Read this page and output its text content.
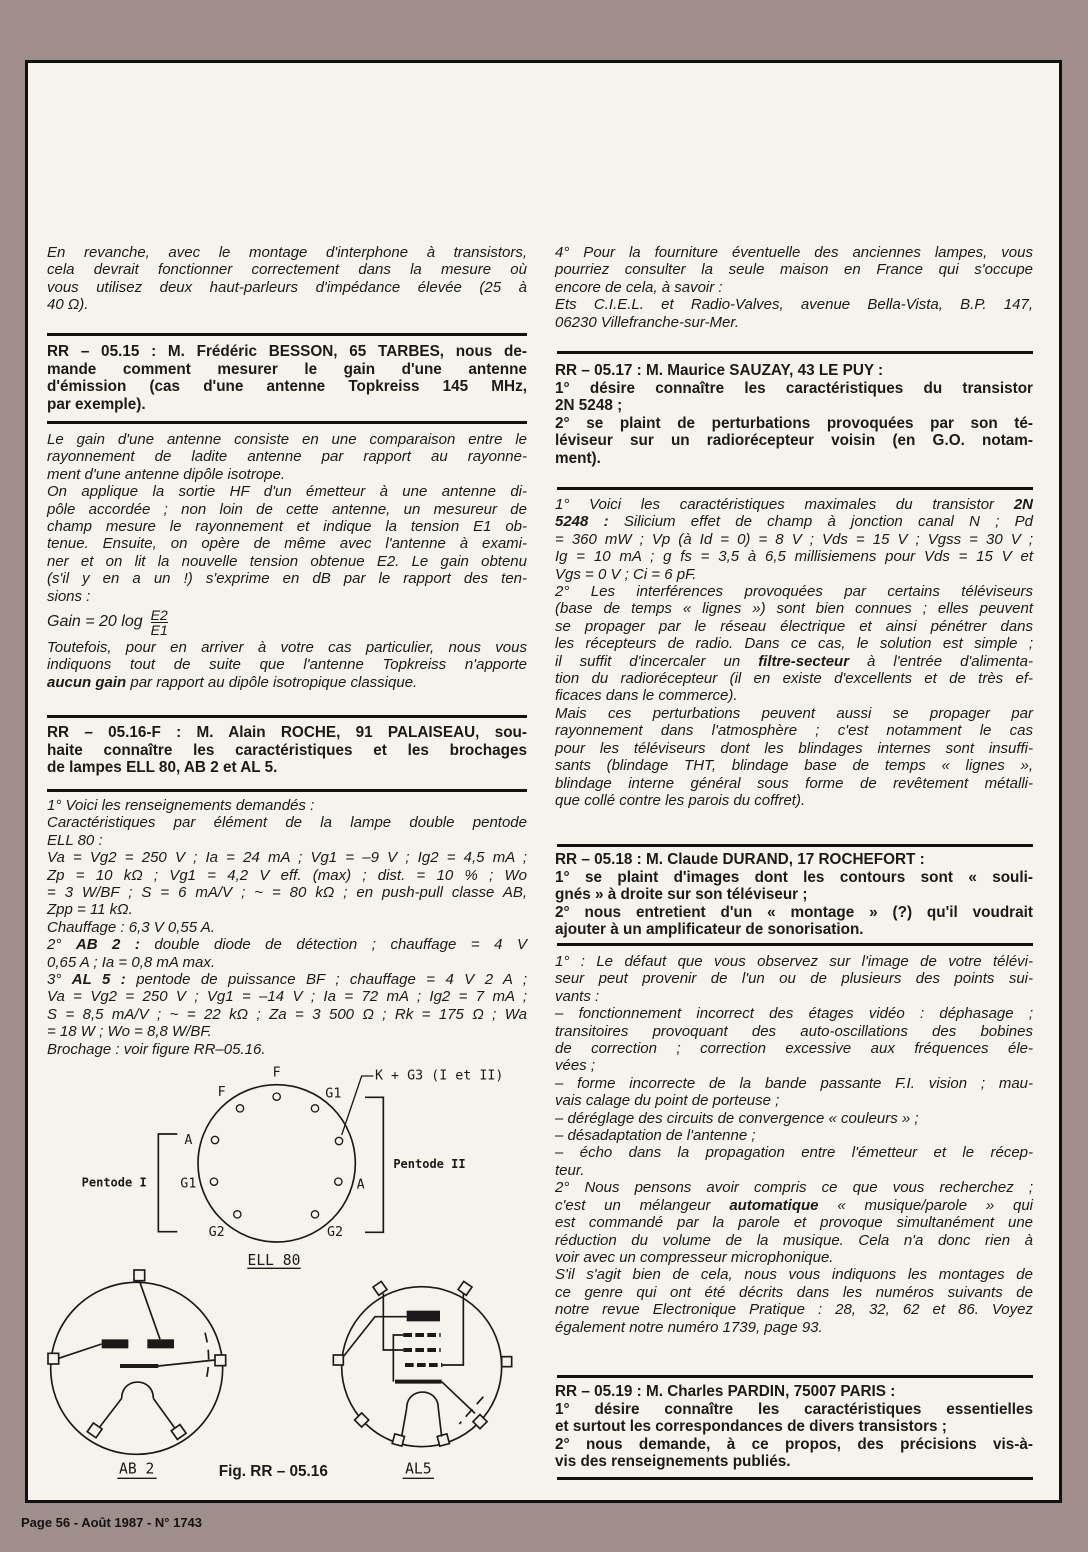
En revanche, avec le montage d'interphone à transistors,
cela devrait fonctionner correctement dans la mesure où
vous utilisez deux haut-parleurs d'impédance élevée (25 à
40 Ω).
RR – 05.15 : M. Frédéric BESSON, 65 TARBES, nous de-
mande comment mesurer le gain d'une antenne
d'émission (cas d'une antenne Topkreiss 145 MHz,
par exemple).
Le gain d'une antenne consiste en une comparaison entre le
rayonnement de ladite antenne par rapport au rayonne-
ment d'une antenne dipôle isotrope.
On applique la sortie HF d'un émetteur à une antenne di-
pôle accordée ; non loin de cette antenne, un mesureur de
champ mesure le rayonnement et indique la tension E1 ob-
tenue. Ensuite, on opère de même avec l'antenne à exami-
ner et on lit la nouvelle tension obtenue E2. Le gain obtenu
(s'il y en a un !) s'exprime en dB par le rapport des ten-
sions :
Gain = 20 $\log \frac{E2}{E1}$
Toutefois, pour en arriver à votre cas particulier, nous vous
indiquons tout de suite que l'antenne Topkreiss n'apporte
aucun gain par rapport au dipôle isotropique classique.
RR – 05.16-F : M. Alain ROCHE, 91 PALAISEAU, sou-
haite connaître les caractéristiques et les brochages
de lampes ELL 80, AB 2 et AL 5.
1° Voici les renseignements demandés :
Caractéristiques par élément de la lampe double pentode
ELL 80 :
Va = Vg2 = 250 V ; Ia = 24 mA ; Vg1 = –9 V ; Ig2 = 4,5 mA ;
Zp = 10 kΩ ; Vg1 = 4,2 V eff. (max) ; dist. = 10 % ; Wo
= 3 W/BF ; S = 6 mA/V ; ~ = 80 kΩ ; en push-pull classe AB,
Zpp = 11 kΩ.
Chauffage : 6,3 V 0,55 A.
2° AB 2 : double diode de détection ; chauffage = 4 V
0,65 A ; Ia = 0,8 mA max.
3° AL 5 : pentode de puissance BF ; chauffage = 4 V 2 A ;
Va = Vg2 = 250 V ; Vg1 = –14 V ; Ia = 72 mA ; Ig2 = 7 mA ;
S = 8,5 mA/V ; ~ = 22 kΩ ; Za = 3 500 Ω ; Rk = 175 Ω ; Wa
= 18 W ; Wo = 8,8 W/BF.
Brochage : voir figure RR–05.16.
F
F G1
K + G3 (I et II)
A
G1	A
G2	G2
Pentode I
Pentode II
ELL 80
AB 2	AL5
Fig. RR – 05.16
4° Pour la fourniture éventuelle des anciennes lampes, vous
pourriez consulter la seule maison en France qui s'occupe
encore de cela, à savoir :
Ets C.I.E.L. et Radio-Valves, avenue Bella-Vista, B.P. 147,
06230 Villefranche-sur-Mer.
RR – 05.17 : M. Maurice SAUZAY, 43 LE PUY :
1° désire connaître les caractéristiques du transistor
2N 5248 ;
2° se plaint de perturbations provoquées par son té-
léviseur sur un radiorécepteur voisin (en G.O. notam-
ment).
1° Voici les caractéristiques maximales du transistor 2N
5248 : Silicium effet de champ à jonction canal N ; Pd
= 360 mW ; Vp (à Id = 0) = 8 V ; Vds = 15 V ; Vgss = 30 V ;
Ig = 10 mA ; g fs = 3,5 à 6,5 millisiemens pour Vds = 15 V et
Vgs = 0 V ; Ci = 6 pF.
2° Les interférences provoquées par certains téléviseurs
(base de temps « lignes ») sont bien connues ; elles peuvent
se propager par le réseau électrique et ainsi pénétrer dans
les récepteurs de radio. Dans ce cas, le solution est simple ;
il suffit d'incercaler un filtre-secteur à l'entrée d'alimenta-
tion du radiorécepteur (il en existe d'excellents et de très ef-
ficaces dans le commerce).
Mais ces perturbations peuvent aussi se propager par
rayonnement dans l'atmosphère ; c'est notamment le cas
pour les téléviseurs dont les blindages internes sont insuffi-
sants (blindage THT, blindage base de temps « lignes »,
blindage interne général sous forme de revêtement métalli-
que collé contre les parois du coffret).
RR – 05.18 : M. Claude DURAND, 17 ROCHEFORT :
1° se plaint d'images dont les contours sont « souli-
gnés » à droite sur son téléviseur ;
2° nous entretient d'un « montage » (?) qu'il voudrait
ajouter à un amplificateur de sonorisation.
1° : Le défaut que vous observez sur l'image de votre télévi-
seur peut provenir de l'un ou de plusieurs des points sui-
vants :
– fonctionnement incorrect des étages vidéo : déphasage ;
transitoires provoquant des auto-oscillations des bobines
de correction ; correction excessive aux fréquences éle-
vées ;
– forme incorrecte de la bande passante F.I. vision ; mau-
vais calage du point de porteuse ;
– déréglage des circuits de convergence « couleurs » ;
– désadaptation de l'antenne ;
– écho dans la propagation entre l'émetteur et le récep-
teur.
2° Nous pensons avoir compris ce que vous recherchez ;
c'est un mélangeur automatique « musique/parole » qui
est commandé par la parole et provoque simultanément une
réduction du volume de la musique. Cela n'a donc rien à
voir avec un compresseur microphonique.
S'il s'agit bien de cela, nous vous indiquons les montages de
ce genre qui ont été décrits dans les numéros suivants de
notre revue Electronique Pratique : 28, 32, 62 et 86. Voyez
également notre numéro 1739, page 93.
RR – 05.19 : M. Charles PARDIN, 75007 PARIS :
1° désire connaître les caractéristiques essentielles
et surtout les correspondances de divers transistors ;
2° nous demande, à ce propos, des précisions vis-à-
vis des renseignements publiés.
Page 56 - Août 1987 - N° 1743
